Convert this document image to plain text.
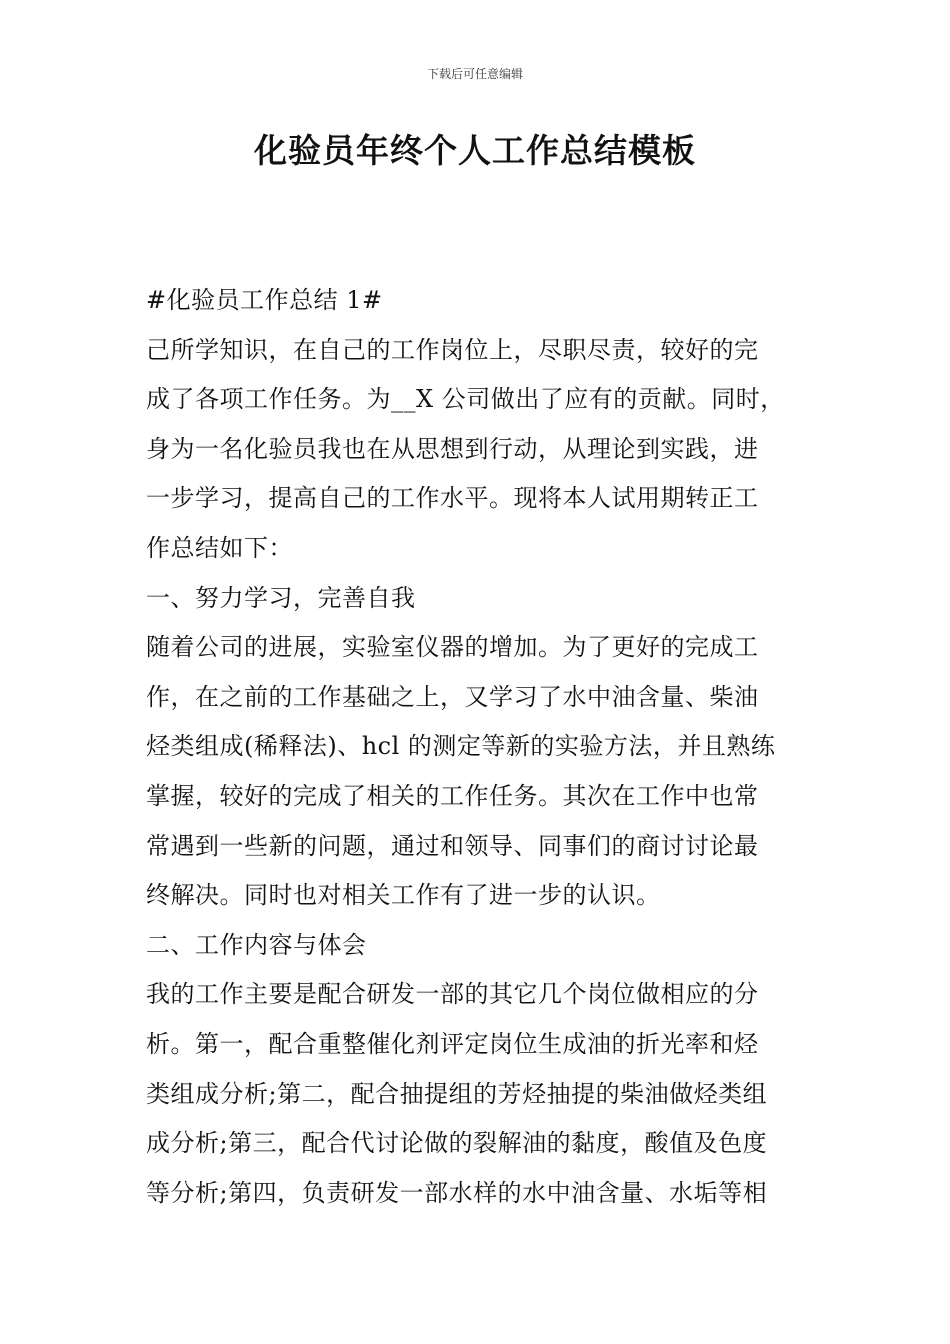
下载后可任意编辑
化验员年终个人工作总结模板
#化验员工作总结 1#
己所学知识，在自己的工作岗位上，尽职尽责，较好的完
成了各项工作任务。为__X 公司做出了应有的贡献。同时，
身为一名化验员我也在从思想到行动，从理论到实践，进
一步学习，提高自己的工作水平。现将本人试用期转正工
作总结如下：
一、努力学习，完善自我
随着公司的进展，实验室仪器的增加。为了更好的完成工
作，在之前的工作基础之上，又学习了水中油含量、柴油
烃类组成(稀释法)、hcl 的测定等新的实验方法，并且熟练
掌握，较好的完成了相关的工作任务。其次在工作中也常
常遇到一些新的问题，通过和领导、同事们的商讨讨论最
终解决。同时也对相关工作有了进一步的认识。
二、工作内容与体会
我的工作主要是配合研发一部的其它几个岗位做相应的分
析。第一，配合重整催化剂评定岗位生成油的折光率和烃
类组成分析;第二，配合抽提组的芳烃抽提的柴油做烃类组
成分析;第三，配合代讨论做的裂解油的黏度，酸值及色度
等分析;第四，负责研发一部水样的水中油含量、水垢等相
